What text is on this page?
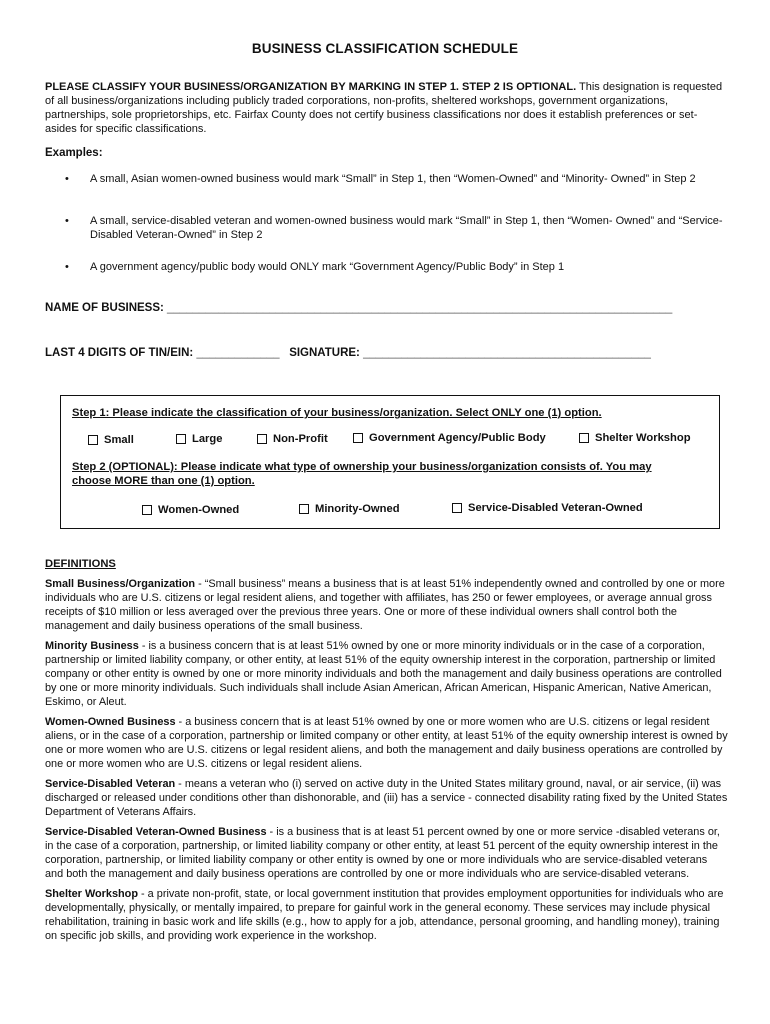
BUSINESS CLASSIFICATION SCHEDULE
PLEASE CLASSIFY YOUR BUSINESS/ORGANIZATION BY MARKING IN STEP 1. STEP 2 IS OPTIONAL. This designation is requested of all business/organizations including publicly traded corporations, non-profits, sheltered workshops, government organizations, partnerships, sole proprietorships, etc. Fairfax County does not certify business classifications nor does it establish preferences or set-asides for specific classifications.
Examples:
• A small, Asian women-owned business would mark “Small” in Step 1, then “Women-Owned” and “Minority- Owned” in Step 2
• A small, service-disabled veteran and women-owned business would mark “Small” in Step 1, then “Women- Owned” and “Service-Disabled Veteran-Owned” in Step 2
• A government agency/public body would ONLY mark “Government Agency/Public Body” in Step 1
NAME OF BUSINESS: _______________________________________________________________________________
LAST 4 DIGITS OF TIN/EIN: _____________ SIGNATURE: _____________________________________________
Step 1: Please indicate the classification of your business/organization. Select ONLY one (1) option.
Small	Large	Non-Profit	Government Agency/Public Body	Shelter Workshop
Step 2 (OPTIONAL): Please indicate what type of ownership your business/organization consists of. You may choose MORE than one (1) option.
Women-Owned	Minority-Owned	Service-Disabled Veteran-Owned
DEFINITIONS

Small Business/Organization - “Small business” means a business that is at least 51% independently owned and controlled by one or more individuals who are U.S. citizens or legal resident aliens, and together with affiliates, has 250 or fewer employees, or average annual gross receipts of $10 million or less averaged over the previous three years. One or more of these individual owners shall control both the management and daily business operations of the small business.

Minority Business - is a business concern that is at least 51% owned by one or more minority individuals or in the case of a corporation, partnership or limited liability company, or other entity, at least 51% of the equity ownership interest in the corporation, partnership or limited company or other entity is owned by one or more minority individuals and both the management and daily business operations are controlled by one or more minority individuals. Such individuals shall include Asian American, African American, Hispanic American, Native American, Eskimo, or Aleut.

Women-Owned Business - a business concern that is at least 51% owned by one or more women who are U.S. citizens or legal resident aliens, or in the case of a corporation, partnership or limited company or other entity, at least 51% of the equity ownership interest is owned by one or more women who are U.S. citizens or legal resident aliens, and both the management and daily business operations are controlled by one or more women who are U.S. citizens or legal resident aliens.

Service-Disabled Veteran - means a veteran who (i) served on active duty in the United States military ground, naval, or air service, (ii) was discharged or released under conditions other than dishonorable, and (iii) has a service - connected disability rating fixed by the United States Department of Veterans Affairs.

Service-Disabled Veteran-Owned Business - is a business that is at least 51 percent owned by one or more service -disabled veterans or, in the case of a corporation, partnership, or limited liability company or other entity, at least 51 percent of the equity ownership interest in the corporation, partnership, or limited liability company or other entity is owned by one or more individuals who are service-disabled veterans and both the management and daily business operations are controlled by one or more individuals who are service-disabled veterans.

Shelter Workshop - a private non-profit, state, or local government institution that provides employment opportunities for individuals who are developmentally, physically, or mentally impaired, to prepare for gainful work in the general economy. These services may include physical rehabilitation, training in basic work and life skills (e.g., how to apply for a job, attendance, personal grooming, and handling money), training on specific job skills, and providing work experience in the workshop.
